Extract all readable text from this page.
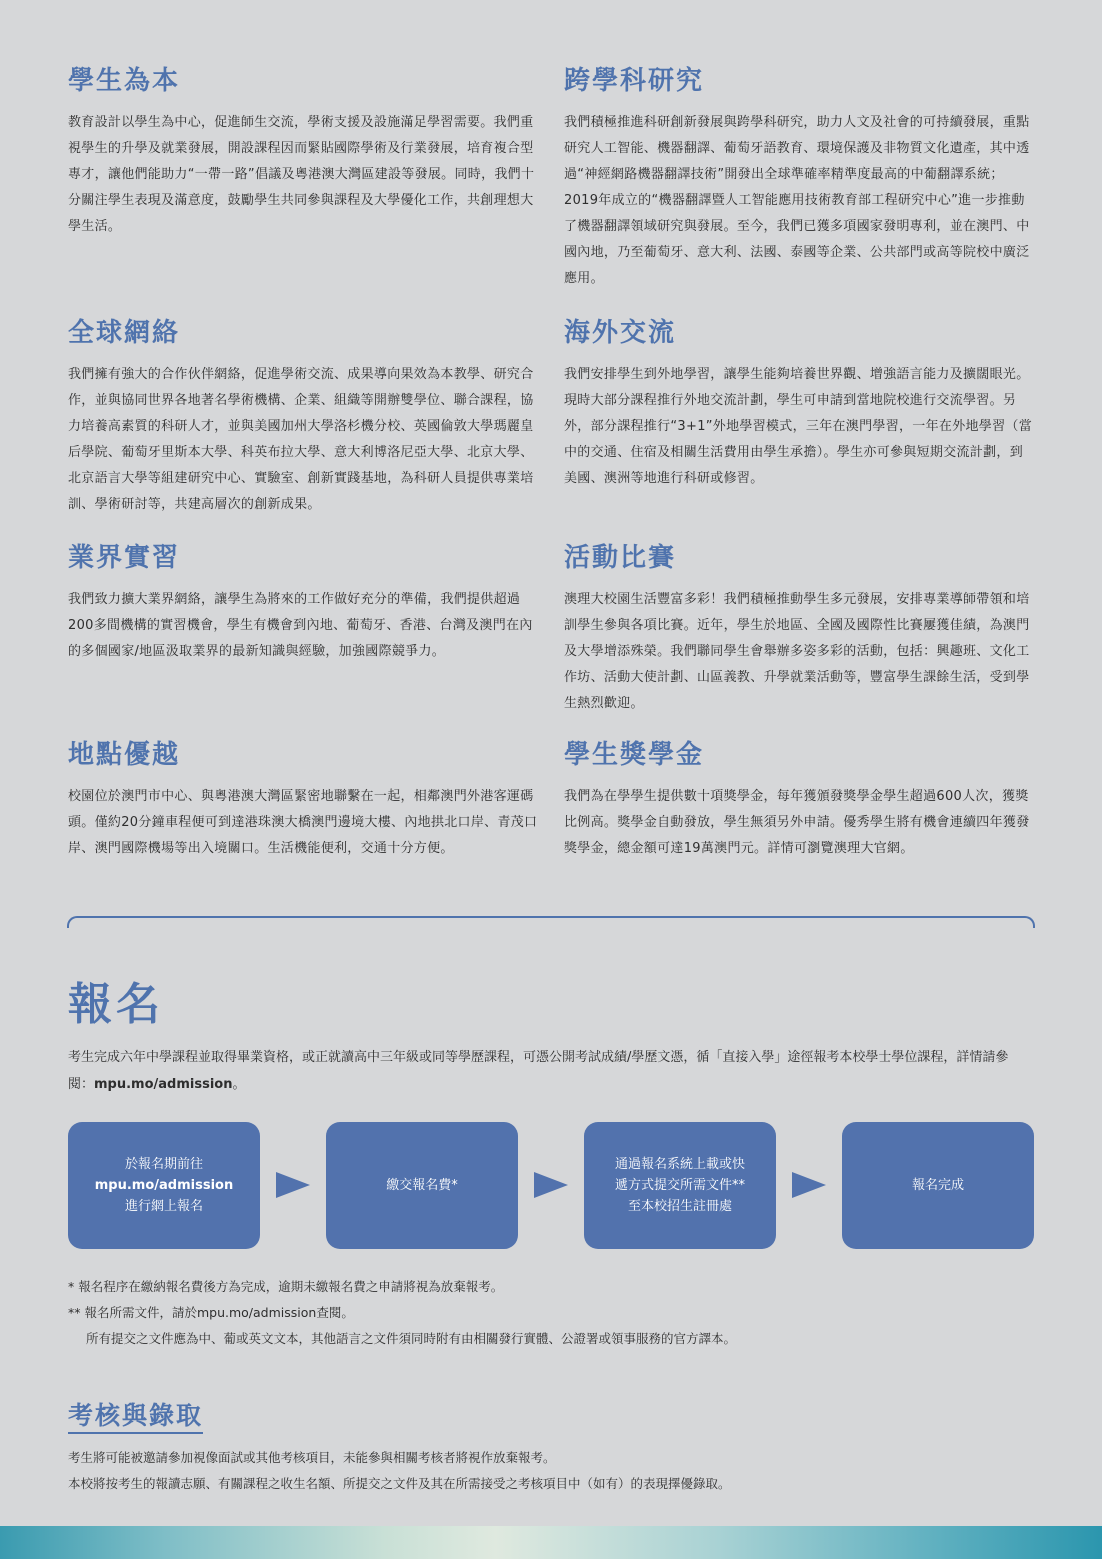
學生為本

教育設計以學生為中心，促進師生交流，學術支援及設施滿足學習需要。我們重視學生的升學及就業發展，開設課程因而緊貼國際學術及行業發展，培育複合型專才，讓他們能助力“一帶一路”倡議及粵港澳大灣區建設等發展。同時，我們十分關注學生表現及滿意度，鼓勵學生共同參與課程及大學優化工作，共創理想大學生活。

跨學科研究

我們積極推進科研創新發展與跨學科研究，助力人文及社會的可持續發展，重點研究人工智能、機器翻譯、葡萄牙語教育、環境保護及非物質文化遺產，其中透過“神經網路機器翻譯技術”開發出全球準確率精準度最高的中葡翻譯系統；2019年成立的“機器翻譯暨人工智能應用技術教育部工程研究中心”進一步推動了機器翻譯領域研究與發展。至今，我們已獲多項國家發明專利，並在澳門、中國內地，乃至葡萄牙、意大利、法國、泰國等企業、公共部門或高等院校中廣泛應用。

全球網絡

我們擁有強大的合作伙伴網絡，促進學術交流、成果導向果效為本教學、研究合作，並與協同世界各地著名學術機構、企業、組織等開辦雙學位、聯合課程，協力培養高素質的科研人才，並與美國加州大學洛杉機分校、英國倫敦大學瑪麗皇后學院、葡萄牙里斯本大學、科英布拉大學、意大利博洛尼亞大學、北京大學、北京語言大學等組建研究中心、實驗室、創新實踐基地，為科研人員提供專業培訓、學術研討等，共建高層次的創新成果。

海外交流

我們安排學生到外地學習，讓學生能夠培養世界觀、增強語言能力及擴闊眼光。現時大部分課程推行外地交流計劃，學生可申請到當地院校進行交流學習。另外，部分課程推行“3+1”外地學習模式，三年在澳門學習，一年在外地學習（當中的交通、住宿及相關生活費用由學生承擔）。學生亦可參與短期交流計劃，到美國、澳洲等地進行科研或修習。

業界實習

我們致力擴大業界網絡，讓學生為將來的工作做好充分的準備，我們提供超過200多間機構的實習機會，學生有機會到內地、葡萄牙、香港、台灣及澳門在內的多個國家/地區汲取業界的最新知識與經驗，加強國際競爭力。

活動比賽

澳理大校園生活豐富多彩！我們積極推動學生多元發展，安排專業導師帶領和培訓學生參與各項比賽。近年，學生於地區、全國及國際性比賽屢獲佳績，為澳門及大學增添殊榮。我們聯同學生會舉辦多姿多彩的活動，包括：興趣班、文化工作坊、活動大使計劃、山區義教、升學就業活動等，豐富學生課餘生活，受到學生熱烈歡迎。

地點優越

校園位於澳門市中心、與粵港澳大灣區緊密地聯繫在一起，相鄰澳門外港客運碼頭。僅約20分鐘車程便可到達港珠澳大橋澳門邊境大樓、內地拱北口岸、青茂口岸、澳門國際機場等出入境關口。生活機能便利，交通十分方便。

學生獎學金

我們為在學學生提供數十項獎學金，每年獲頒發獎學金學生超過600人次，獲獎比例高。獎學金自動發放，學生無須另外申請。優秀學生將有機會連續四年獲發獎學金，總金額可達19萬澳門元。詳情可瀏覽澳理大官網。

報名
考生完成六年中學課程並取得畢業資格，或正就讀高中三年級或同等學歷課程，可憑公開考試成績/學歷文憑，循「直接入學」途徑報考本校學士學位課程，詳情請參閱：mpu.mo/admission。
於報名期前往
mpu.mo/admission
進行網上報名
繳交報名費*
通過報名系統上載或快
遞方式提交所需文件**
至本校招生註冊處
報名完成
* 報名程序在繳納報名費後方為完成，逾期未繳報名費之申請將視為放棄報考。
** 報名所需文件，請於mpu.mo/admission查閱。
所有提交之文件應為中、葡或英文文本，其他語言之文件須同時附有由相關發行實體、公證署或領事服務的官方譯本。
考核與錄取
考生將可能被邀請參加視像面試或其他考核項目，未能參與相關考核者將視作放棄報考。
本校將按考生的報讀志願、有關課程之收生名額、所提交之文件及其在所需接受之考核項目中（如有）的表現擇優錄取。
